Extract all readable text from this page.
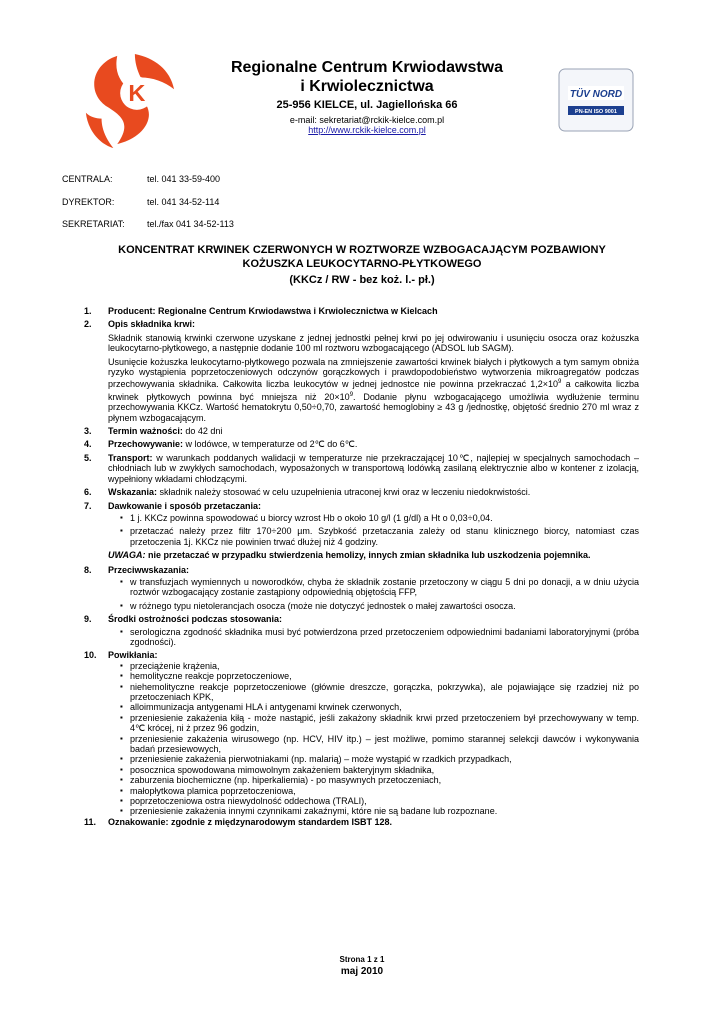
K
Regionalne Centrum Krwiodawstwa
i Krwiolecznictwa
25-956 KIELCE, ul. Jagiellońska 66
e-mail: sekretariat@rckik-kielce.com.pl
http://www.rckik-kielce.com.pl
TÜV NORD
PN-EN ISO 9001
CENTRALA:	tel. 041 33-59-400
DYREKTOR:	tel. 041 34-52-114
SEKRETARIAT: tel./fax 041 34-52-113
KONCENTRAT KRWINEK CZERWONYCH W ROZTWORZE WZBOGACAJĄCYM POZBAWIONY
KOŻUSZKA LEUKOCYTARNO-PŁYTKOWEGO
(KKCz / RW - bez koż. l.- pł.)
1. Producent: Regionalne Centrum Krwiodawstwa i Krwiolecznictwa w Kielcach
2. Opis składnika krwi:
Składnik stanowią krwinki czerwone uzyskane z jednej jednostki pełnej krwi po jej odwirowaniu i usunięciu osocza oraz kożuszka leukocytarno-płytkowego, a następnie dodanie 100 ml roztworu wzbogacającego (ADSOL lub SAGM).
Usunięcie kożuszka leukocytarno-płytkowego pozwala na zmniejszenie zawartości krwinek białych i płytkowych a tym samym obniża ryzyko wystąpienia poprzetoczeniowych odczynów gorączkowych i prawdopodobieństwo wytworzenia mikroagregatów podczas przechowywania składnika. Całkowita liczba leukocytów w jednej jednostce nie powinna przekraczać $1,2\times 10^9$ a całkowita liczba krwinek płytkowych powinna być mniejsza niż $20\times 10^9$. Dodanie płynu wzbogacającego umożliwia wydłużenie terminu przechowywania KKCz. Wartość hematokrytu 0,50÷0,70, zawartość hemoglobiny ≥ 43 g /jednostkę, objętość średnio 270 ml wraz z płynem wzbogacającym.
3. Termin ważności: do 42 dni
4. Przechowywanie: w lodówce, w temperaturze od 2℃ do 6℃.
5. Transport: w warunkach poddanych walidacji w temperaturze nie przekraczającej 10℃, najlepiej w specjalnych samochodach – chłodniach lub w zwykłych samochodach, wyposażonych w transportową lodówką zasilaną elektrycznie albo w kontener z izolacją, wypełniony wkładami chłodzącymi.
6. Wskazania: składnik należy stosować w celu uzupełnienia utraconej krwi oraz w leczeniu niedokrwistości.
7. Dawkowanie i sposób przetaczania:
▪ 1 j. KKCz powinna spowodować u biorcy wzrost Hb o około 10 g/l (1 g/dl) a Ht o 0,03÷0,04.
▪ przetaczać należy przez filtr 170÷200 µm. Szybkość przetaczania zależy od stanu klinicznego biorcy, natomiast czas przetoczenia 1j. KKCz nie powinien trwać dłużej niż 4 godziny.
UWAGA: nie przetaczać w przypadku stwierdzenia hemolizy, innych zmian składnika lub uszkodzenia pojemnika.
8. Przeciwwskazania:
▪ w transfuzjach wymiennych u noworodków, chyba że składnik zostanie przetoczony w ciągu 5 dni po donacji, a w dniu użycia roztwór wzbogacający zostanie zastąpiony odpowiednią objętością FFP,
▪ w różnego typu nietolerancjach osocza (może nie dotyczyć jednostek o małej zawartości osocza.
9. Środki ostrożności podczas stosowania:
▪ serologiczna zgodność składnika musi być potwierdzona przed przetoczeniem odpowiednimi badaniami laboratoryjnymi (próba zgodności).
10. Powikłania:
▪ przeciążenie krążenia,
▪ hemolityczne reakcje poprzetoczeniowe,
▪ niehemolityczne reakcje poprzetoczeniowe (głównie dreszcze, gorączka, pokrzywka), ale pojawiające się rzadziej niż po przetoczeniach KPK,
▪ alloimmunizacja antygenami HLA i antygenami krwinek czerwonych,
▪ przeniesienie zakażenia kiłą - może nastąpić, jeśli zakażony składnik krwi przed przetoczeniem był przechowywany w temp. 4℃ krócej, ni ż przez 96 godzin,
▪ przeniesienie zakażenia wirusowego (np. HCV, HIV itp.) – jest możliwe, pomimo starannej selekcji dawców i wykonywania badań przesiewowych,
▪ przeniesienie zakażenia pierwotniakami (np. malarią) – może wystąpić w rzadkich przypadkach,
▪ posocznica spowodowana mimowolnym zakażeniem bakteryjnym składnika,
▪ zaburzenia biochemiczne (np. hiperkaliemia) - po masywnych przetoczeniach,
▪ małopłytkowa plamica poprzetoczeniowa,
▪ poprzetoczeniowa ostra niewydolność oddechowa (TRALI),
▪ przeniesienie zakażenia innymi czynnikami zakaźnymi, które nie są badane lub rozpoznane.
11. Oznakowanie: zgodnie z międzynarodowym standardem ISBT 128.
Strona 1 z 1
maj 2010
